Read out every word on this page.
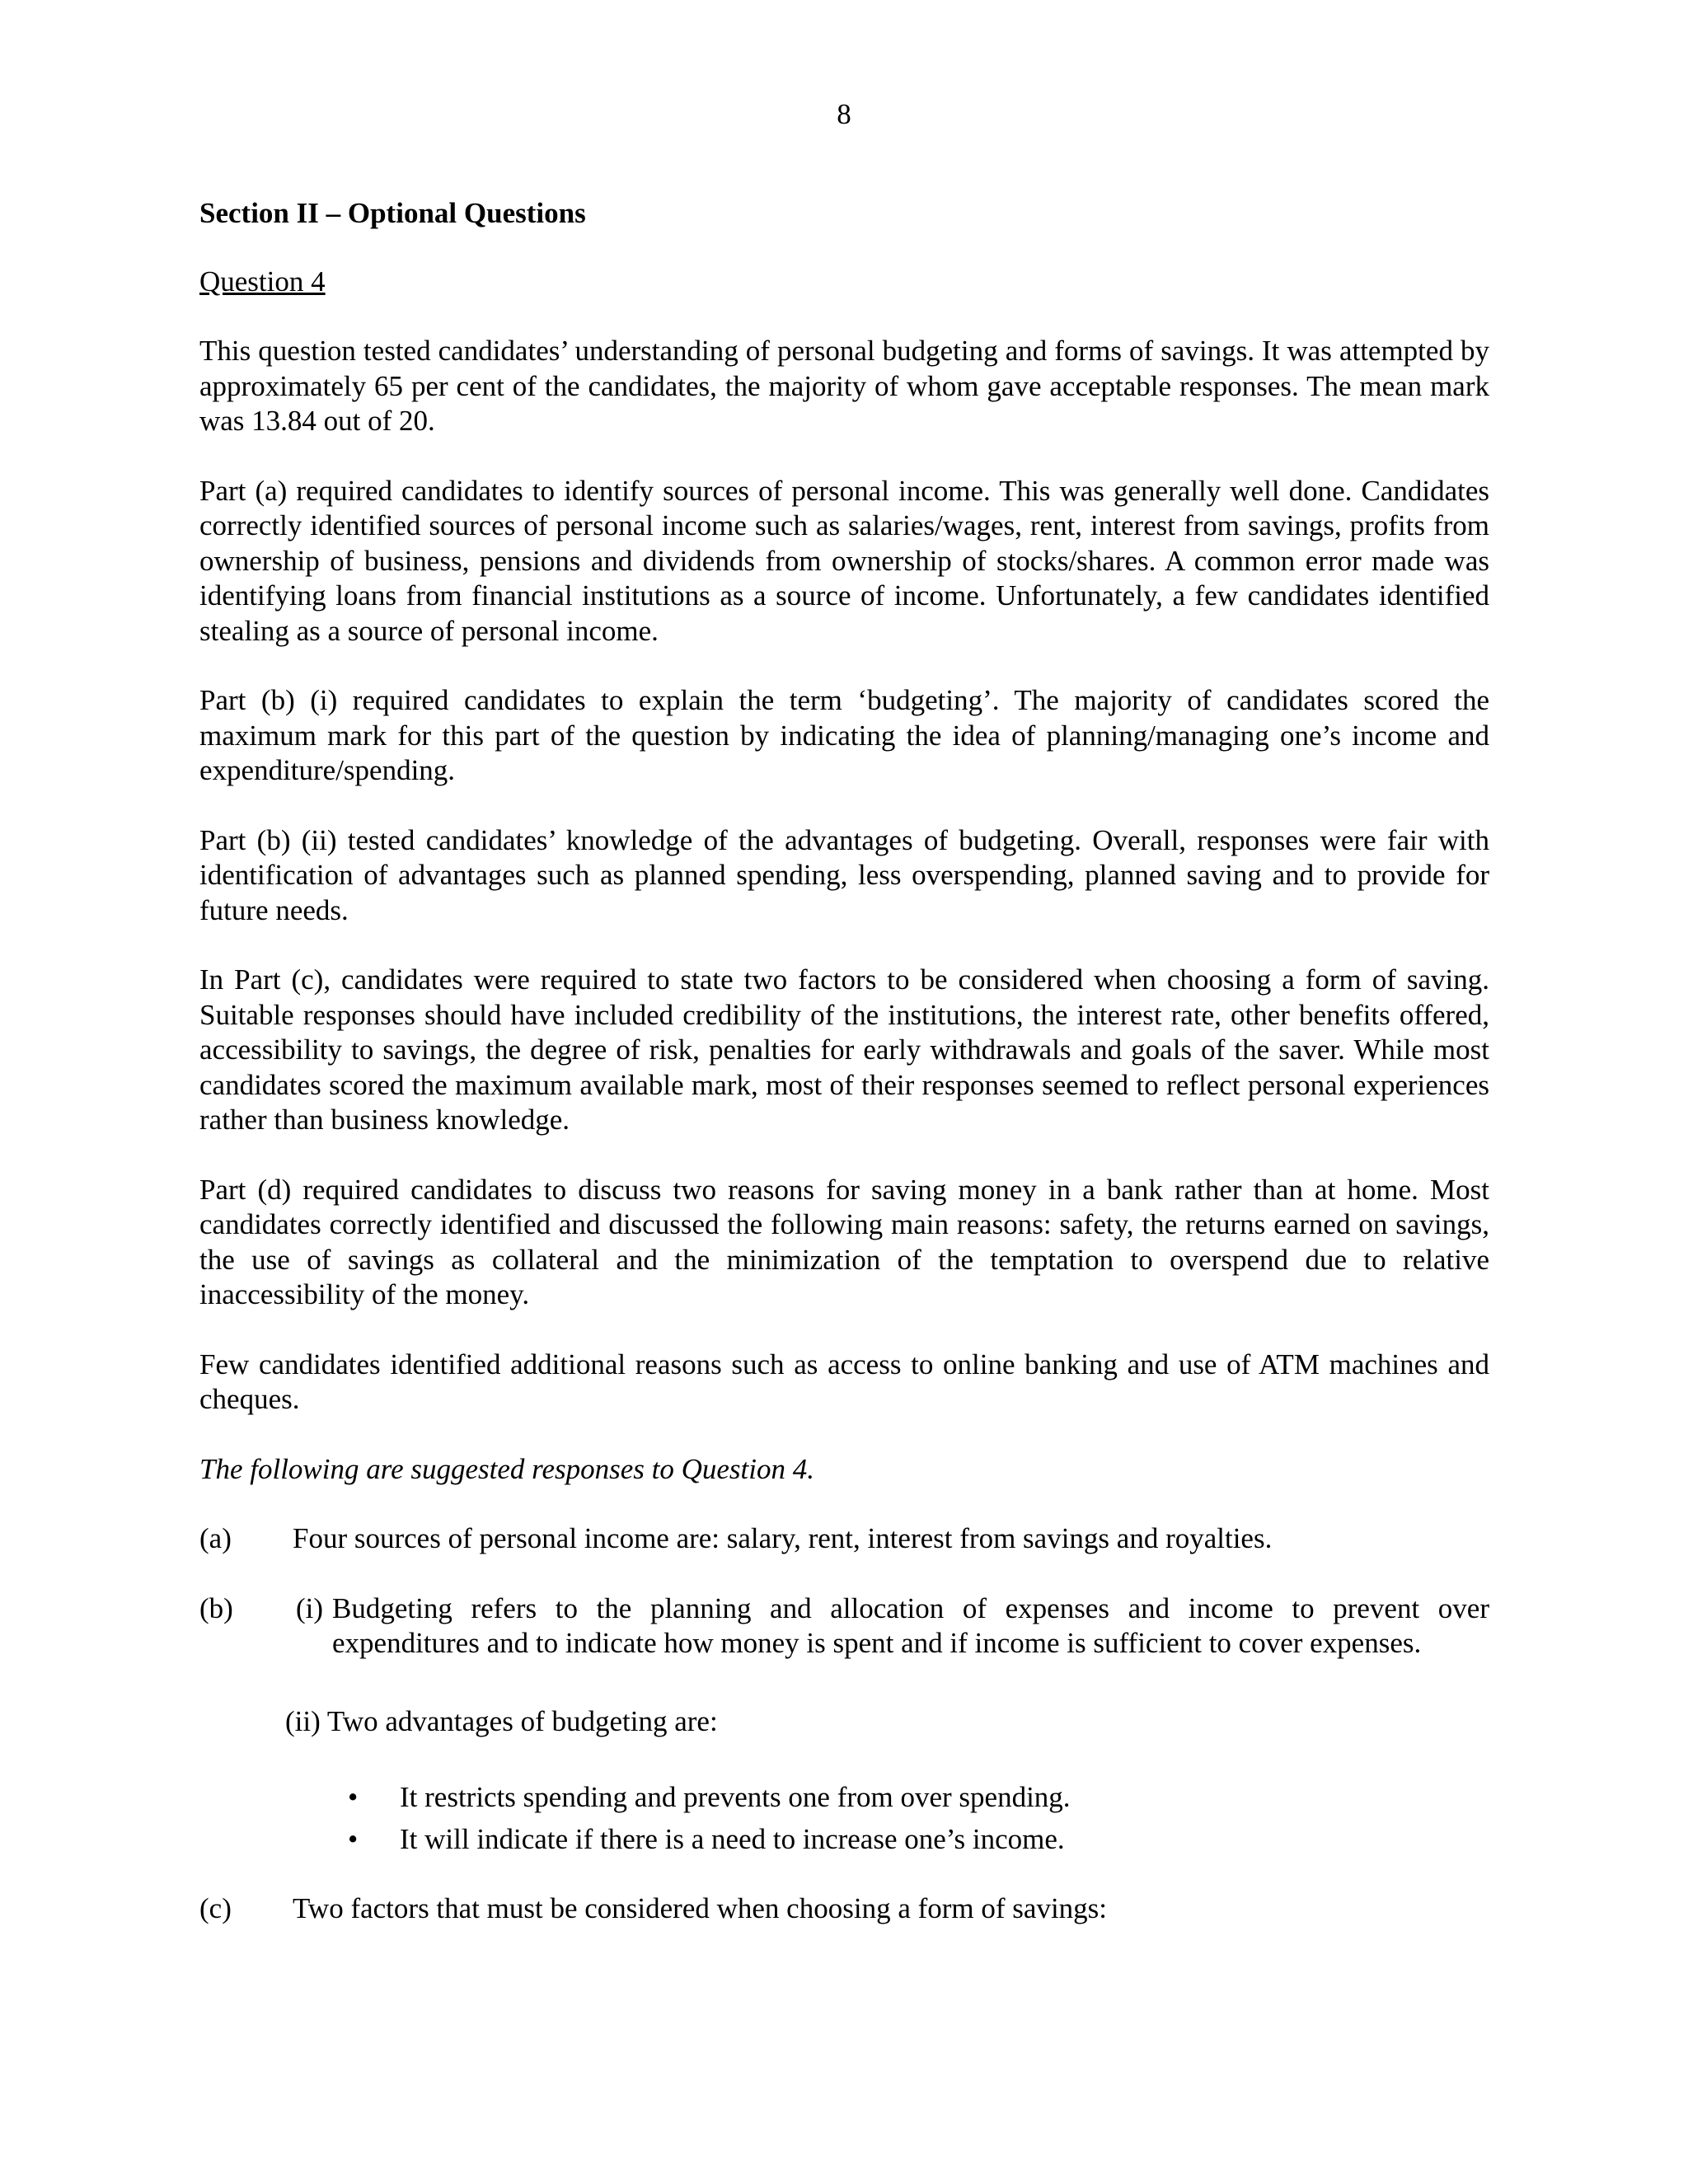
8

Section II – Optional Questions

Question 4

This question tested candidates’ understanding of personal budgeting and forms of savings. It was attempted by approximately 65 per cent of the candidates, the majority of whom gave acceptable responses. The mean mark was 13.84 out of 20.

Part (a) required candidates to identify sources of personal income. This was generally well done. Candidates correctly identified sources of personal income such as salaries/wages, rent, interest from savings, profits from ownership of business, pensions and dividends from ownership of stocks/shares. A common error made was identifying loans from financial institutions as a source of income. Unfortunately, a few candidates identified stealing as a source of personal income.

Part (b) (i) required candidates to explain the term ‘budgeting’. The majority of candidates scored the maximum mark for this part of the question by indicating the idea of planning/managing one’s income and expenditure/spending.

Part (b) (ii) tested candidates’ knowledge of the advantages of budgeting. Overall, responses were fair with identification of advantages such as planned spending, less overspending, planned saving and to provide for future needs.

In Part (c), candidates were required to state two factors to be considered when choosing a form of saving. Suitable responses should have included credibility of the institutions, the interest rate, other benefits offered, accessibility to savings, the degree of risk, penalties for early withdrawals and goals of the saver. While most candidates scored the maximum available mark, most of their responses seemed to reflect personal experiences rather than business knowledge.

Part (d) required candidates to discuss two reasons for saving money in a bank rather than at home. Most candidates correctly identified and discussed the following main reasons: safety, the returns earned on savings, the use of savings as collateral and the minimization of the temptation to overspend due to relative inaccessibility of the money.

Few candidates identified additional reasons such as access to online banking and use of ATM machines and cheques.

The following are suggested responses to Question 4.

(a)	Four sources of personal income are: salary, rent, interest from savings and royalties.
(b)	(i) Budgeting refers to the planning and allocation of expenses and income to prevent over expenditures and to indicate how money is spent and if income is sufficient to cover expenses.
(ii) Two advantages of budgeting are:
• It restricts spending and prevents one from over spending.
• It will indicate if there is a need to increase one’s income.
(c)	Two factors that must be considered when choosing a form of savings:
